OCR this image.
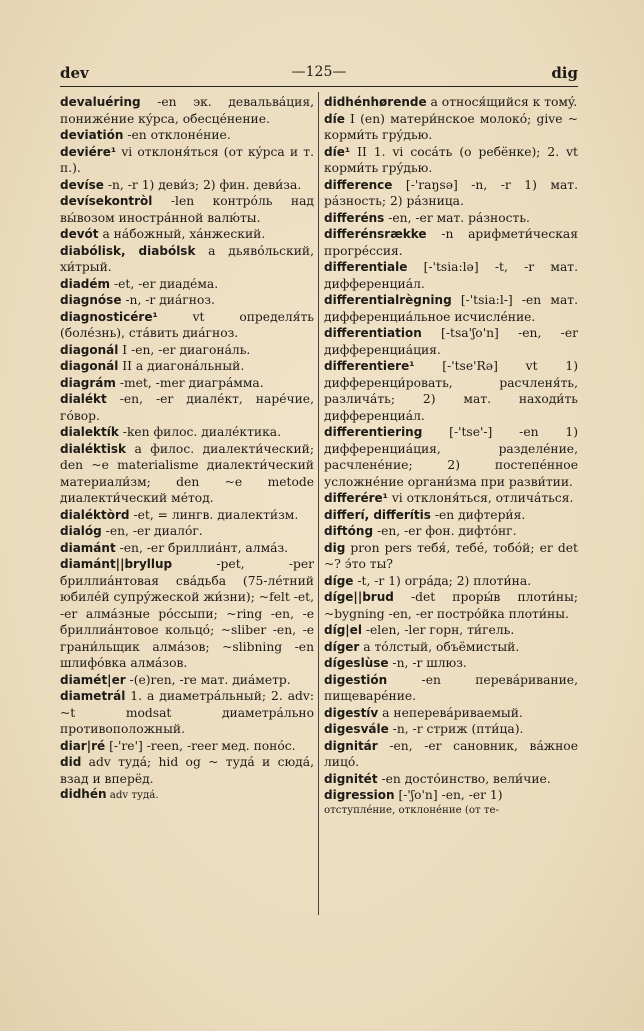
dev	—125—	dig

devaluéring -en эк. девальвáция, понижéние кýрса, обесцéнение.

deviatión -en отклонéние.

deviére¹ vi отклоня́ться (от кýрса и т. п.).

devíse -n, -r 1) деви́з; 2) фин. деви́за.

devísekontròl -len контрóль над вы́возом инострáнной валю́ты.

devót a нáбожный, хáнжеский.

diabólisk, diabólsk a дьявóльский, хи́трый.

diadém -et, -er диадéма.

diagnóse -n, -r диáгноз.

diagnosticére¹ vt определя́ть (болéзнь), стáвить диáгноз.

diagonál I -en, -er диагонáль.

diagonál II a диагонáльный.

diagrám -met, -mer диагрáмма.

dialékt -en, -er диалéкт, нарéчие, гóвор.

dialektík -ken филос. диалéктика.

dialéktisk a филос. диалекти́ческий; den ~e materialisme диалекти́ческий материали́зм; den ~e metode диалекти́ческий мéтод.

dialéktòrd -et, = лингв. диалекти́зм.

dialóg -en, -er диалóг.

diamánt -en, -er бриллиáнт, алмáз.

diamánt||bryllup -pet, -per бриллиáнтовая свáдьба (75-лéтний юбилéй супрýжеской жи́зни); ~felt -et, -er алмáзные рóссыпи; ~ring -en, -e бриллиáнтовое кольцó; ~sliber -en, -e грани́льщик алмáзов; ~slibning -en шлифóвка алмáзов.

diamét|er -(e)ren, -re мат. диáметр.

diametrál 1. a диаметрáльный; 2. adv: ~t modsat диаметрáльно противоположный.

diar|ré [-'re'] -reen, -reer мед. понóс.

did adv тудá; hid og ~ тудá и сюдá, взад и вперёд.

didhén adv тудá.

didhénhørende a относя́щийся к томý.

díe I (en) матери́нское молокó; give ~ корми́ть грýдью.

díe¹ II 1. vi сосáть (о ребёнке); 2. vt корми́ть грýдью.

difference [-'raŋsə] -n, -r 1) мат. рáзность; 2) рáзница.

differéns -en, -er мат. рáзность.

differénsrække -n арифмети́ческая прогрéссия.

differentiale [-'tsia:lə] -t, -r мат. дифференциáл.

differentialrègning [-'tsia:l-] -en мат. дифференциáльное исчислéние.

differentiation [-tsa'ʃo'n] -en, -er дифференциáция.

differentiere¹ [-'tse'Rə] vt 1) дифференци́ровать, расчленя́ть, различáть; 2) мат. находи́ть дифференциáл.

differentiering [-'tse'-] -en 1) дифференциáция, разделéние, расчленéние; 2) постепéнное усложнéние органи́зма при разви́тии.

differére¹ vi отклоня́ться, отличáться.

differí, differítis -en дифтери́я.

diftóng -en, -er фон. дифтóнг.

dig pron pers тебя́, тебé, тобóй; er det ~? э́то ты?

díge -t, -r 1) огрáда; 2) плоти́на.

díge||brud -det проры́в плоти́ны; ~bygning -en, -er пострóйка плоти́ны.

díg|el -elen, -ler горн, ти́гель.

díger a тóлстый, объёмистый.

dígeslùse -n, -r шлюз.

digestión -en перевáривание, пищеварéние.

digestív a неперевáриваемый.

digesvále -n, -r стриж (пти́ца).

dignitár -en, -er сановник, вáжное лицó.

dignitét -en достóинство, вели́чие.

digression [-'ʃo'n] -en, -er 1)

отступлéние, отклонéние (от те-
